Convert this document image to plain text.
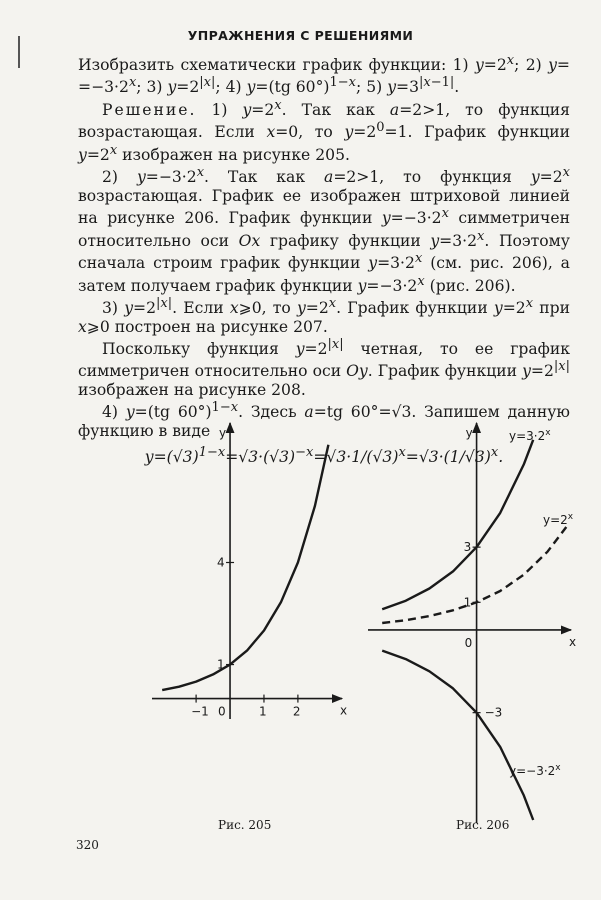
УПРАЖНЕНИЯ С РЕШЕНИЯМИ

Изобразить схематически график функции: 1) $y=2^x$; 2) $y= =-3\cdot 2^x$; 3) $y=2^{|x|}$; 4) y=(tg 60°)$^{1-x}$; 5) $y=3^{|x-1|}$.

Решение. 1) $y=2^x$. Так как a=2>1, то функция возрастающая. Если x=0, то $y=2^0=1$. График функции $y=2^x$ изображен на рисунке 205.

2) $y=-3\cdot 2^x$. Так как a=2>1, то функция $y=2^x$ возрастающая. График ее изображен штриховой линией на рисунке 206. График функции $y=-3\cdot 2^x$ симметричен относительно оси Ox графику функции $y=3\cdot 2^x$. Поэтому сначала строим график функции $y=3\cdot 2^x$ (см. рис. 206), а затем получаем график функции $y=-3\cdot 2^x$ (рис. 206).

3) $y=2^{|x|}$. Если x⩾0, то $y=2^x$. График функции $y=2^x$ при x⩾0 построен на рисунке 207.

Поскольку функция $y=2^{|x|}$ четная, то ее график симметричен относительно оси Oy. График функции $y=2^{|x|}$ изображен на рисунке 208.

4) y=(tg 60°)$^{1-x}$. Здесь a=tg 60°=√3. Запишем данную функцию в виде

$y=(√3)^{1-x}=√3\cdot(√3)^{-x}=√3\cdot 1/(√3)^x=√3\cdot(1/√3)^x$.

x
y
−1 0	1 2
1
4
x
y
0
1
3
−3
$y=3\cdot 2^x$
$y=2^x$
$y=-3\cdot 2^x$
Рис. 205	Рис. 206
320
